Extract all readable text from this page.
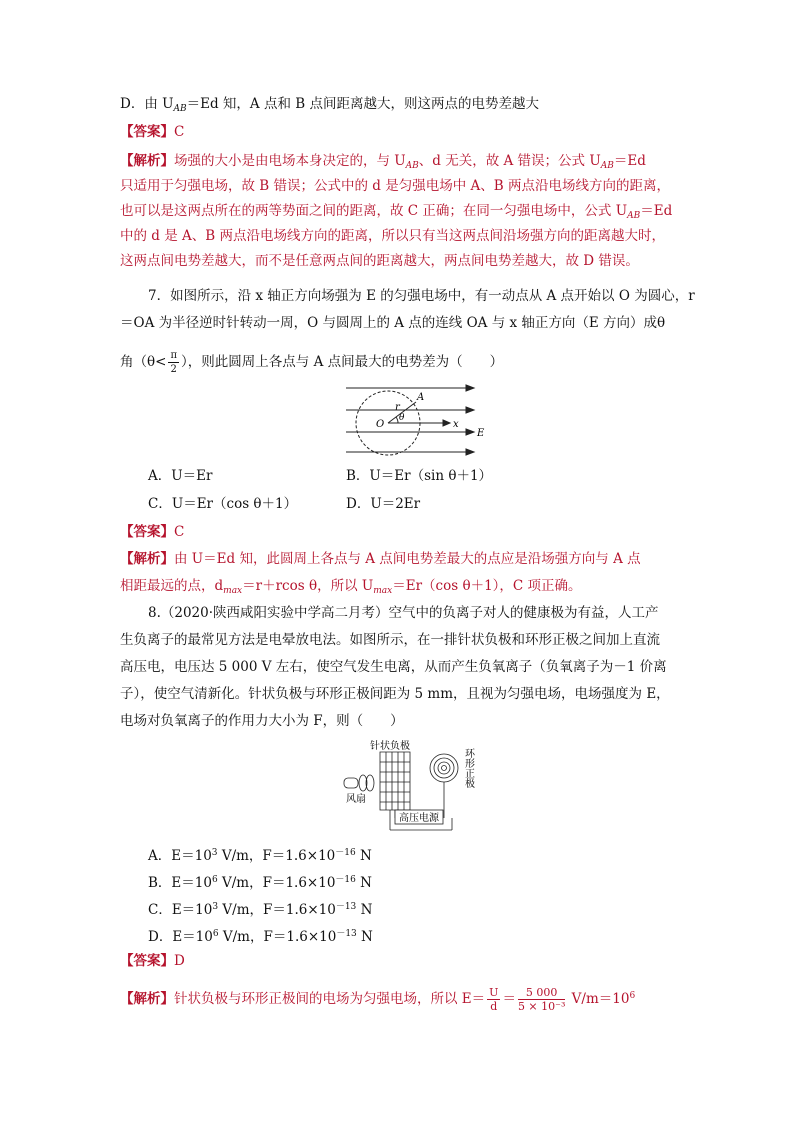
D．由 $U_{AB}=Ed$ 知，A 点和 B 点间距离越大，则这两点的电势差越大
【答案】C
【解析】场强的大小是由电场本身决定的，与 $U_{AB}$、d 无关，故 A 错误；公式 $U_{AB}=Ed$
只适用于匀强电场，故 B 错误；公式中的 d 是匀强电场中 A、B 两点沿电场线方向的距离，
也可以是这两点所在的两等势面之间的距离，故 C 正确；在同一匀强电场中，公式 $U_{AB}=Ed$
中的 d 是 A、B 两点沿电场线方向的距离，所以只有当这两点间沿场强方向的距离越大时，
这两点间电势差越大，而不是任意两点间的距离越大，两点间电势差越大，故 D 错误。
7．如图所示，沿 x 轴正方向场强为 E 的匀强电场中，有一动点从 A 点开始以 O 为圆心，r
＝OA 为半径逆时针转动一周，O 与圆周上的 A 点的连线 OA 与 x 轴正方向（E 方向）成θ
角（$\theta< \frac{\pi}{2}$ ），则此圆周上各点与 A 点间最大的电势差为（　　）
r
A
θ
O	x
E
A．U＝Er	B．U＝Er（sin θ＋1）
C．U＝Er（cos θ＋1）	D．U＝2Er
【答案】C
【解析】由 U＝Ed 知，此圆周上各点与 A 点间电势差最大的点应是沿场强方向与 A 点
相距最远的点，$d_{max}=r+rcos$ θ，所以 $U_{max}=Er(\cos$ θ＋1），C 项正确。
8.（2020·陕西咸阳实验中学高二月考）空气中的负离子对人的健康极为有益，人工产
生负离子的最常见方法是电晕放电法。如图所示，在一排针状负极和环形正极之间加上直流
高压电，电压达 5 000 V 左右，使空气发生电离，从而产生负氧离子（负氧离子为－1 价离
子），使空气清新化。针状负极与环形正极间距为 5 mm，且视为匀强电场，电场强度为 E，
电场对负氧离子的作用力大小为 F，则（　　）
针状负极
高压电源
风扇
环形正极
A．$E=10^3$ V/m，$F=1.6\times 10^{-16}$ N
B．$E=10^6$ V/m，$F=1.6\times 10^{-16}$ N
C．$E=10^3$ V/m，$F=1.6\times 10^{-13}$ N
D．$E=10^6$ V/m，$F=1.6\times 10^{-13}$ N
【答案】D
【解析】针状负极与环形正极间的电场为匀强电场，所以 $E= \frac{U}{d} = \frac{5 000}{\text{5 × 10⁻³}} V/m=10^6$
